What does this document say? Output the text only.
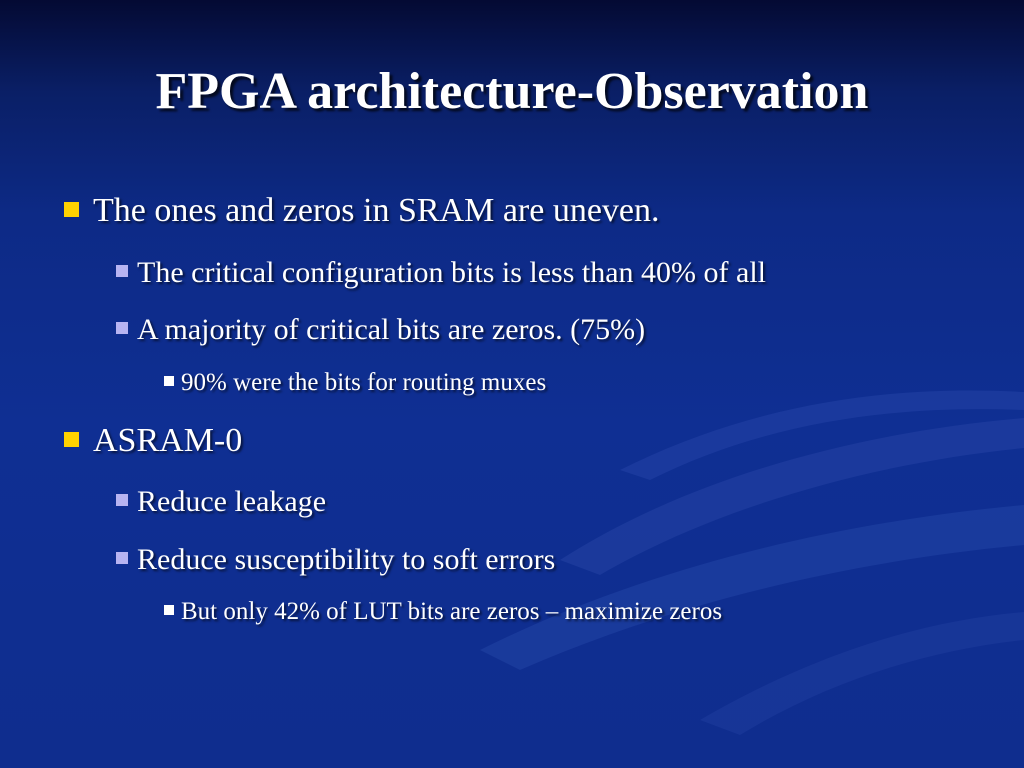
FPGA architecture-Observation
The ones and zeros in SRAM are uneven.
The critical configuration bits is less than 40% of all
A majority of critical bits are zeros. (75%)
90% were the bits for routing muxes
ASRAM-0
Reduce leakage
Reduce susceptibility to soft errors
But only 42% of LUT bits are zeros – maximize zeros
